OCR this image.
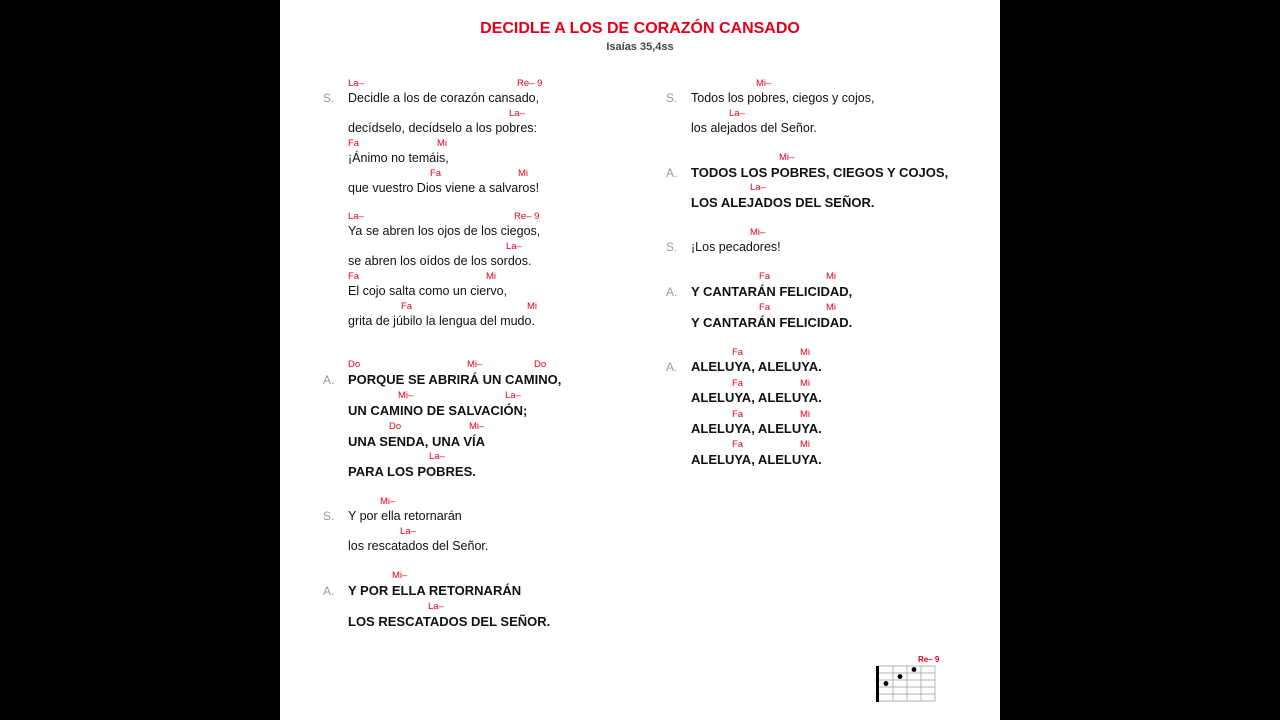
DECIDLE A LOS DE CORAZÓN CANSADO
Isaías 35,4ss
La–	Re– 9
S. Decidle a los de corazón cansado,
La–
decídselo, decídselo a los pobres:
Fa	Mi
¡Ánimo no temáis,
Fa	Mi
que vuestro Dios viene a salvaros!
La–	Re– 9
Ya se abren los ojos de los ciegos,
La–
se abren los oídos de los sordos.
Fa	Mi
El cojo salta como un ciervo,
Fa	Mi
grita de júbilo la lengua del mudo.
Do	Mi–	Do
A. PORQUE SE ABRIRÁ UN CAMINO,
Mi–	La–
UN CAMINO DE SALVACIÓN;
Do	Mi–
UNA SENDA, UNA VÍA
La–
PARA LOS POBRES.
Mi–
S. Y por ella retornarán
La–
los rescatados del Señor.
Mi–
A. Y POR ELLA RETORNARÁN
La–
LOS RESCATADOS DEL SEÑOR.
Mi–
S. Todos los pobres, ciegos y cojos,
La–
los alejados del Señor.
Mi–
A. TODOS LOS POBRES, CIEGOS Y COJOS,
La–
LOS ALEJADOS DEL SEÑOR.
Mi–
S. ¡Los pecadores!
Fa	Mi
A. Y CANTARÁN FELICIDAD,
Fa	Mi
Y CANTARÁN FELICIDAD.
Fa	Mi
A. ALELUYA, ALELUYA.
Fa	Mi
ALELUYA, ALELUYA.
Fa	Mi
ALELUYA, ALELUYA.
Fa	Mi
ALELUYA, ALELUYA.
Re– 9
